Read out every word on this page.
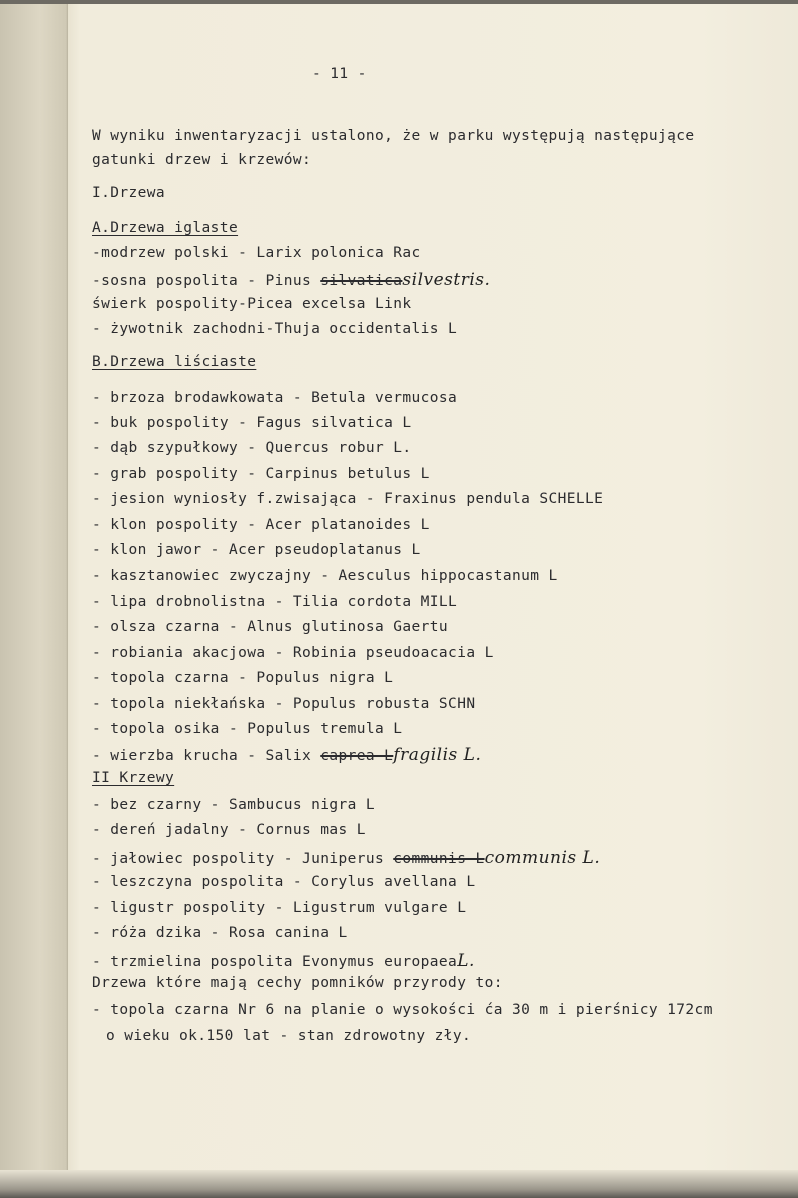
- 11 -
W wyniku inwentaryzacji ustalono, że w parku występują następujące
gatunki drzew i krzewów:
I.Drzewa
A.Drzewa iglaste
-modrzew polski - Larix polonica Rac
-sosna pospolita - Pinus silvaticasilvestris.
świerk pospolity-Picea excelsa Link
- żywotnik zachodni-Thuja occidentalis L
B.Drzewa liściaste
- brzoza brodawkowata - Betula vermucosa
- buk pospolity - Fagus silvatica L
- dąb szypułkowy - Quercus robur L.
- grab pospolity - Carpinus betulus L
- jesion wyniosły f.zwisająca - Fraxinus pendula SCHELLE
- klon pospolity - Acer platanoides L
- klon jawor - Acer pseudoplatanus L
- kasztanowiec zwyczajny - Aesculus hippocastanum L
- lipa drobnolistna - Tilia cordota MILL
- olsza czarna - Alnus glutinosa Gaertu
- robiania akacjowa - Robinia pseudoacacia L
- topola czarna - Populus nigra L
- topola niekłańska - Populus robusta SCHN
- topola osika - Populus tremula L
- wierzba krucha - Salix caprea Lfragilis L.
II Krzewy
- bez czarny - Sambucus nigra L
- dereń jadalny - Cornus mas L
- jałowiec pospolity - Juniperus communis Lcommunis L.
- leszczyna pospolita - Corylus avellana L
- ligustr pospolity - Ligustrum vulgare L
- róża dzika - Rosa canina L
- trzmielina pospolita Evonymus europaeaL.
Drzewa które mają cechy pomników przyrody to:
- topola czarna Nr 6 na planie o wysokości ća 30 m i pierśnicy 172cm
o wieku ok.150 lat - stan zdrowotny zły.
